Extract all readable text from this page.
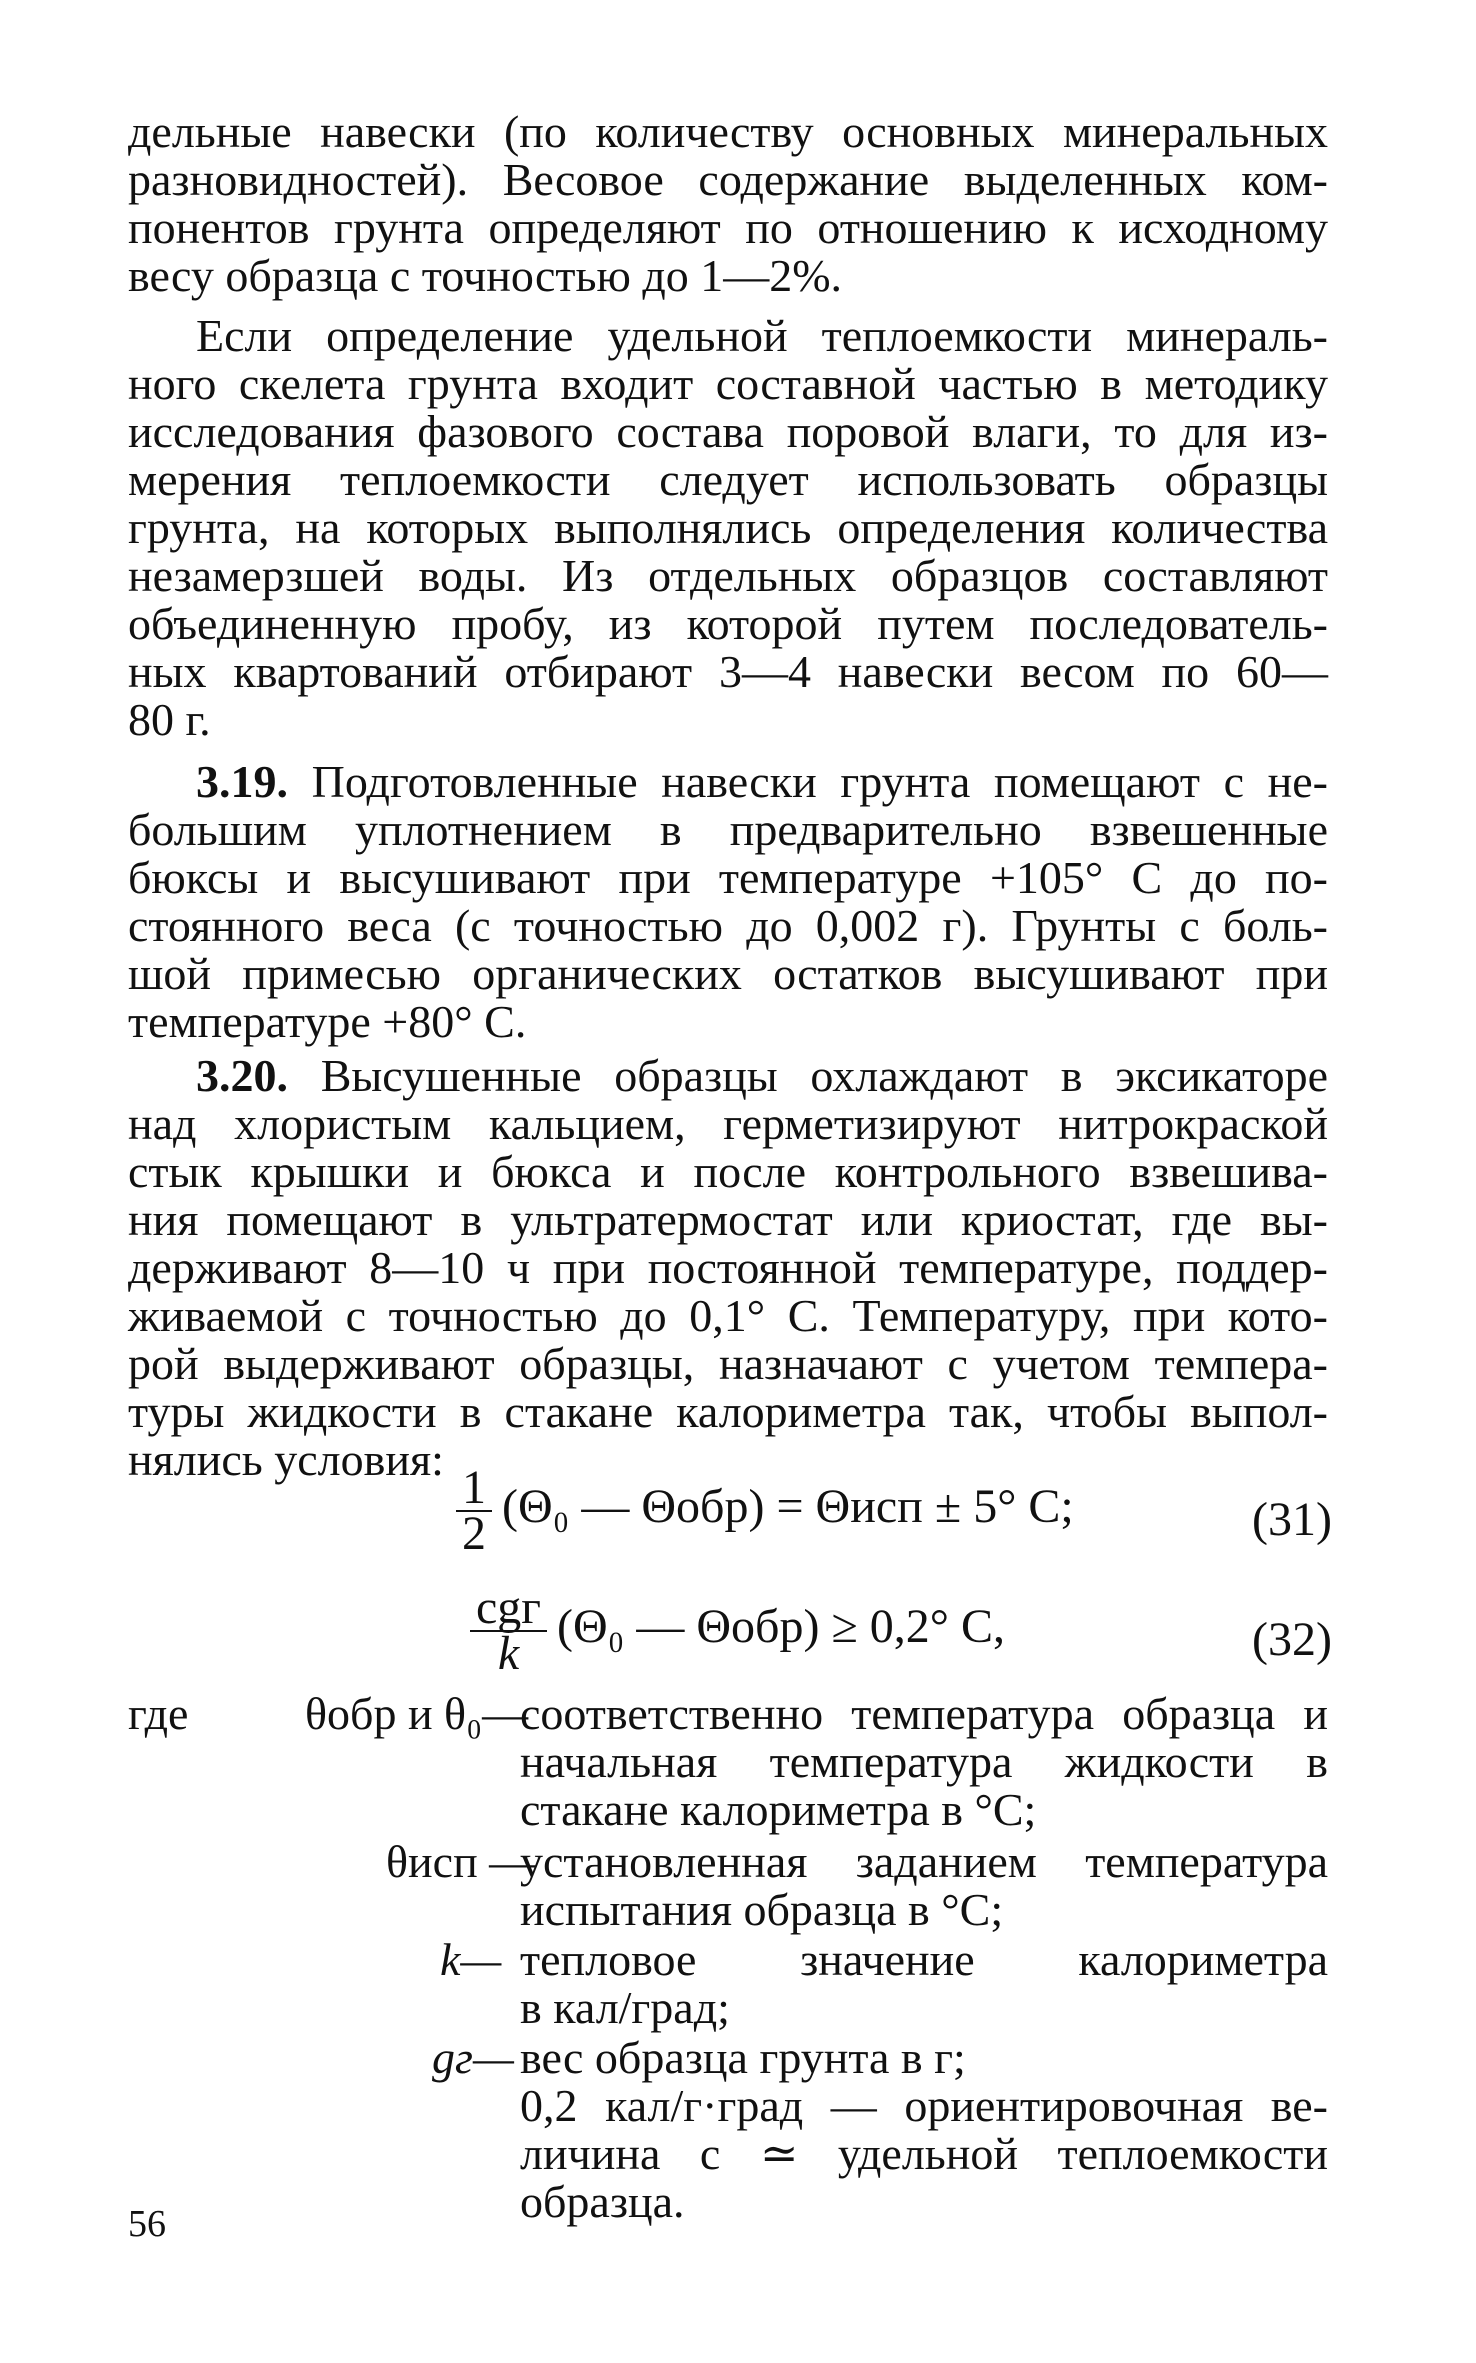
дельные навески (по количеству основных минеральных
разновидностей). Весовое содержание выделенных ком-
понентов грунта определяют по отношению к исходному
весу образца с точностью до 1—2%.
Если определение удельной теплоемкости минераль-
ного скелета грунта входит составной частью в методику
исследования фазового состава поровой влаги, то для из-
мерения теплоемкости следует использовать образцы
грунта, на которых выполнялись определения количества
незамерзшей воды. Из отдельных образцов составляют
объединенную пробу, из которой путем последователь-
ных квартований отбирают 3—4 навески весом по 60—
80 г.
3.19. Подготовленные навески грунта помещают с не-
большим уплотнением в предварительно взвешенные
бюксы и высушивают при температуре +105° С до по-
стоянного веса (с точностью до 0,002 г). Грунты с боль-
шой примесью органических остатков высушивают при
температуре +80° С.
3.20. Высушенные образцы охлаждают в эксикаторе
над хлористым кальцием, герметизируют нитрокраской
стык крышки и бюкса и после контрольного взвешива-
ния помещают в ультратермостат или криостат, где вы-
держивают 8—10 ч при постоянной температуре, поддер-
живаемой с точностью до 0,1° С. Температуру, при кото-
рой выдерживают образцы, назначают с учетом темпера-
туры жидкости в стакане калориметра так, чтобы выпол-
нялись условия:
$\frac{1}{2} (\Theta_0$ — Θобр) = Θисп ± 5° С;	(31)
$\frac{\text{cgг}}{k} (\Theta_0$ — Θобр) ≥ 0,2° С,	(32)
где	θобр и θ₀—
соответственно температура образца и
начальная температура жидкости в
стакане калориметра в °С;
θисп —
установленная заданием температура
испытания образца в °С;
k— тепловое значение калориметра
в кал/град;
gг— вес образца грунта в г;
0,2 кал/г·град — ориентировочная ве-
личина c ≃ удельной теплоемкости
образца.
56
